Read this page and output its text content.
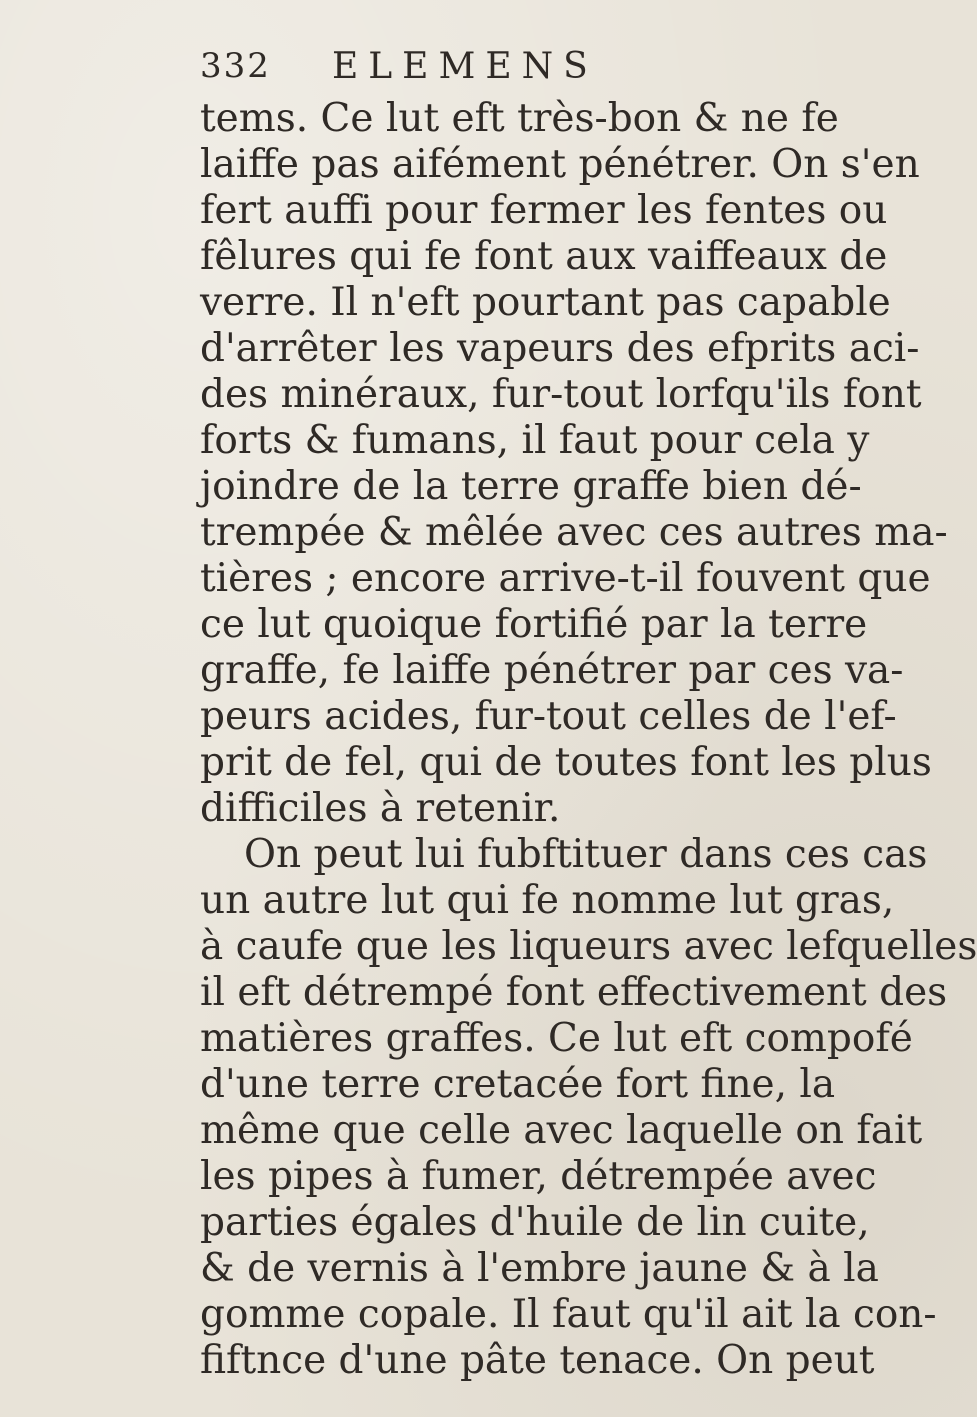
332 ELEMENS
tems. Ce lut eft très-bon & ne fe
laiffe pas aifément pénétrer. On s'en
fert auffi pour fermer les fentes ou
fêlures qui fe font aux vaiffeaux de
verre. Il n'eft pourtant pas capable
d'arrêter les vapeurs des efprits aci-
des minéraux, fur-tout lorfqu'ils font
forts & fumans, il faut pour cela y
joindre de la terre graffe bien dé-
trempée & mêlée avec ces autres ma-
tières ; encore arrive-t-il fouvent que
ce lut quoique fortifié par la terre
graffe, fe laiffe pénétrer par ces va-
peurs acides, fur-tout celles de l'ef-
prit de fel, qui de toutes font les plus
difficiles à retenir.
On peut lui fubftituer dans ces cas
un autre lut qui fe nomme lut gras,
à caufe que les liqueurs avec lefquelles
il eft détrempé font effectivement des
matières graffes. Ce lut eft compofé
d'une terre cretacée fort fine, la
même que celle avec laquelle on fait
les pipes à fumer, détrempée avec
parties égales d'huile de lin cuite,
& de vernis à l'embre jaune & à la
gomme copale. Il faut qu'il ait la con-
fiftnce d'une pâte tenace. On peut
